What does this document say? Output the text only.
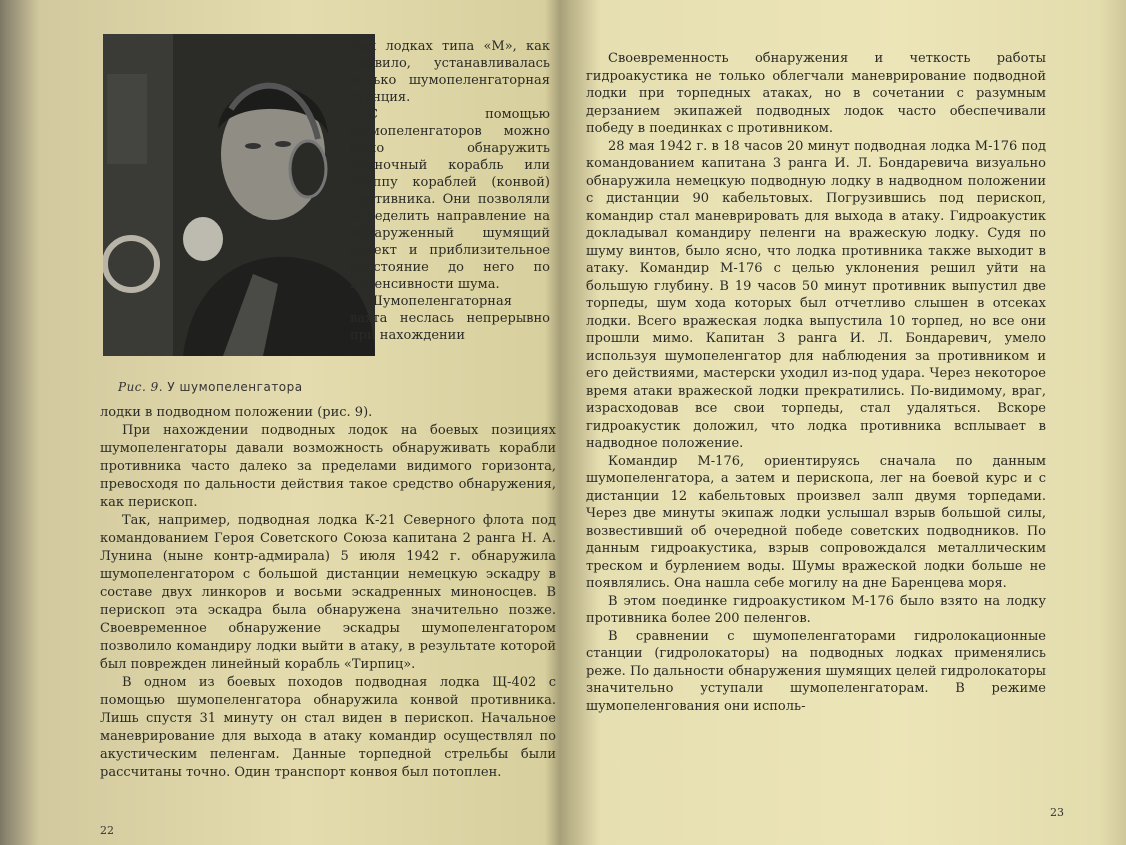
Рис. 9. У шумопеленгатора

ных лодках типа «М», как правило, устанавливалась только шумопеленгаторная станция.

С помощью шумопеленгаторов можно было обнаружить одиночный корабль или группу кораблей (конвой) противника. Они позволяли определить направление на обнаруженный шумящий объект и приблизительное расстояние до него по интенсивности шума.

Шумопеленгаторная вахта неслась непрерывно при нахождении

лодки в подводном положении (рис. 9).

При нахождении подводных лодок на боевых позициях шумопеленгаторы давали возможность обнаруживать корабли противника часто далеко за пределами видимого горизонта, превосходя по дальности действия такое средство обнаружения, как перископ.

Так, например, подводная лодка К-21 Северного флота под командованием Героя Советского Союза капитана 2 ранга Н. А. Лунина (ныне контр-адмирала) 5 июля 1942 г. обнаружила шумопеленгатором с большой дистанции немецкую эскадру в составе двух линкоров и восьми эскадренных миноносцев. В перископ эта эскадра была обнаружена значительно позже. Своевременное обнаружение эскадры шумопеленгатором позволило командиру лодки выйти в атаку, в результате которой был поврежден линейный корабль «Тирпиц».

В одном из боевых походов подводная лодка Щ-402 с помощью шумопеленгатора обнаружила конвой противника. Лишь спустя 31 минуту он стал виден в перископ. Начальное маневрирование для выхода в атаку командир осуществлял по акустическим пеленгам. Данные торпедной стрельбы были рассчитаны точно. Один транспорт конвоя был потоплен.

22

Своевременность обнаружения и четкость работы гидроакустика не только облегчали маневрирование подводной лодки при торпедных атаках, но в сочетании с разумным дерзанием экипажей подводных лодок часто обеспечивали победу в поединках с противником.

28 мая 1942 г. в 18 часов 20 минут подводная лодка М-176 под командованием капитана 3 ранга И. Л. Бондаревича визуально обнаружила немецкую подводную лодку в надводном положении с дистанции 90 кабельтовых. Погрузившись под перископ, командир стал маневрировать для выхода в атаку. Гидроакустик докладывал командиру пеленги на вражескую лодку. Судя по шуму винтов, было ясно, что лодка противника также выходит в атаку. Командир М-176 с целью уклонения решил уйти на большую глубину. В 19 часов 50 минут противник выпустил две торпеды, шум хода которых был отчетливо слышен в отсеках лодки. Всего вражеская лодка выпустила 10 торпед, но все они прошли мимо. Капитан 3 ранга И. Л. Бондаревич, умело используя шумопеленгатор для наблюдения за противником и его действиями, мастерски уходил из-под удара. Через некоторое время атаки вражеской лодки прекратились. По-видимому, враг, израсходовав все свои торпеды, стал удаляться. Вскоре гидроакустик доложил, что лодка противника всплывает в надводное положение.

Командир М-176, ориентируясь сначала по данным шумопеленгатора, а затем и перископа, лег на боевой курс и с дистанции 12 кабельтовых произвел залп двумя торпедами. Через две минуты экипаж лодки услышал взрыв большой силы, возвестивший об очередной победе советских подводников. По данным гидроакустика, взрыв сопровождался металлическим треском и бурлением воды. Шумы вражеской лодки больше не появлялись. Она нашла себе могилу на дне Баренцева моря.

В этом поединке гидроакустиком М-176 было взято на лодку противника более 200 пеленгов.

В сравнении с шумопеленгаторами гидролокационные станции (гидролокаторы) на подводных лодках применялись реже. По дальности обнаружения шумящих целей гидролокаторы значительно уступали шумопеленгаторам. В режиме шумопеленгования они исполь-

23
